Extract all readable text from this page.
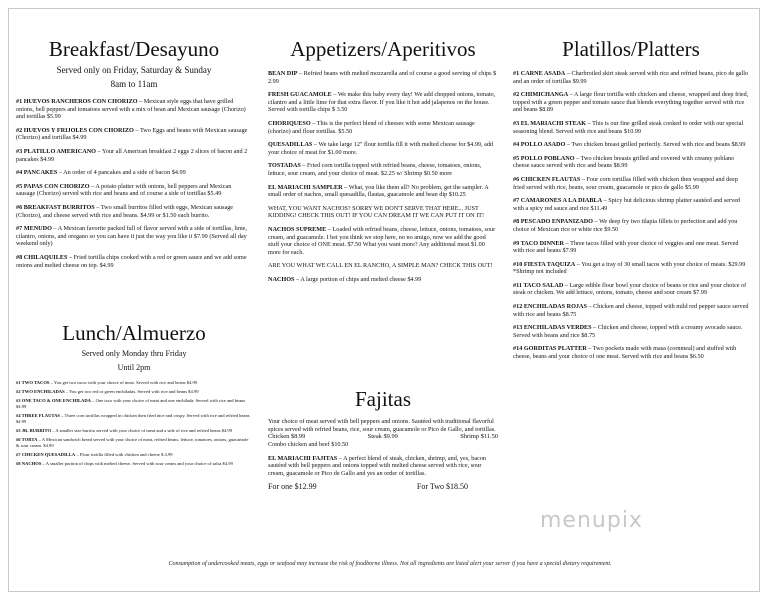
Breakfast/Desayuno
Served only on Friday, Saturday & Sunday
8am to 11am
#1 HUEVOS RANCHEROS CON CHORIZO – Mexican style eggs that have grilled onions, bell peppers and tomatoes served with a mix of bean and Mexican sausage (Chorizo) and tortillas $5.99
#2 HUEVOS Y FRIJOLES CON CHORIZO – Two Eggs and beans with Mexican sausage (Chorizo) and tortillas $4.99
#3 PLATILLO AMERICANO – Your all American breakfast 2 eggs 2 slices of bacon and 2 pancakes $4.99
#4 PANCAKES – An order of 4 pancakes and a side of bacon $4.99
#5 PAPAS CON CHORIZO – A potato platter with onions, bell peppers and Mexican sausage (Chorizo) served with rice and beans and of course a side of tortillas $5.49
#6 BREAKFAST BURRITOS – Two small burritos filled with eggs, Mexican sausage (Chorizo), and cheese served with rice and beans. $4.99 or $1.50 each burrito.
#7 MENUDO – A Mexican favorite packed full of flavor served with a side of tortillas, lime, cilantro, onions, and oregano so you can have it just the way you like it $7.99 (Served all day weekend only)
#8 CHILAQUILES – Fried tortilla chips cooked with a red or green sauce and we add some onions and melted cheese on top. $4.99
Lunch/Almuerzo
Served only Monday thru Friday
Until 2pm
#1 TWO TACOS – You get two tacos with your choice of meat. Served with rice and beans $4.99
#2 TWO ENCHILADAS – You get two red or green enchiladas. Served with rice and beans $4.99
#3 ONE TACO & ONE ENCHILADA – One taco with your choice of meat and one enchilada. Served with rice and beans $4.99
#4 THREE FLAUTAS – Three corn tortillas wrapped in chicken then fried nice and crispy. Served with rice and refried beans $4.99
#5 JR. BURRITO – A smaller size burrito served with your choice of meat and a side of rice and refried beans $4.99
#6 TORTA – A Mexican sandwich bread served with your choice of meat, refried beans, lettuce, tomatoes, onions, guacamole & sour cream. $4.99
#7 CHICKEN QUESADILLA – Flour tortilla filled with chicken and cheese $ 4.99
#8 NACHOS – A smaller portion of chips with melted cheese. Served with sour cream and your choice of salsa $4.99
Appetizers/Aperitivos
BEAN DIP – Refried beans with melted mozzarella and of course a good serving of chips $ 2.99
FRESH GUACAMOLE – We make this baby every day! We add chopped onions, tomato, cilantro and a little lime for that extra flavor. If you like it hot add jalapenos on the house. Served with tortilla chips $ 3.50
CHORIQUESO – This is the perfect blend of cheeses with some Mexican sausage (chorizo) and flour tortillas. $5.50
QUESADILLAS – We take large 12" flour tortilla fill it with melted cheese for $4.99, add your choice of meat for $1.00 more.
TOSTADAS – Fried corn tortilla topped with refried beans, cheese, tomatoes, onions, lettuce, sour cream, and your choice of meat. $2.25 w/ Shrimp $0.50 more
EL MARIACHI SAMPLER – What, you like them all? No problem, get the sampler. A small order of nachos, small quesadilla, flautas, guacamole and bean dip $10.25
WHAT, YOU WANT NACHOS? SORRY WE DON'T SERVE THAT HERE... JUST KIDDING! CHECK THIS OUT! IF YOU CAN DREAM IT WE CAN PUT IT ON IT!
NACHOS SUPREME – Loaded with refried beans, cheese, lettuce, onions, tomatoes, sour cream, and guacamole. I bet you think we stop here, no no amigo, now we add the good stuff your choice of ONE meat. $7.50 What you want more? Any additional meat $1.00 more for each.
ARE YOU WHAT WE CALL EN EL RANCHO, A SIMPLE MAN? CHECK THIS OUT!
NACHOS – A large portion of chips and melted cheese $4.99
Fajitas
Your choice of meat served with bell peppers and onions. Sautéed with traditional flavorful spices served with refried beans, rice, sour cream, guacamole or Pico de Gallo, and tortillas.
Chicken $8.99	Steak $9.99	Shrimp $11.50
Combo chicken and beef $10.50
EL MARIACHI FAJITAS – A perfect blend of steak, chicken, shrimp, and, yes, bacon sautéed with bell peppers and onions topped with melted cheese served with rice, sour cream, guacamole or Pico de Gallo and yes an order of tortillas.
For one $12.99	For Two $18.50
Platillos/Platters
#1 CARNE ASADA – Charbroiled skirt steak served with rice and refried beans, pico de gallo and an order of tortillas $9.99
#2 CHIMICHANGA – A large flour tortilla with chicken and cheese, wrapped and deep fried, topped with a green pepper and tomato sauce that blends everything together served with rice and beans $8.89
#3 EL MARIACHI STEAK – This is our fine grilled steak cooked to order with our special seasoning blend. Served with rice and beans $10.99
#4 POLLO ASADO – Two chicken breast grilled perfectly. Served with rice and beans $8.99
#5 POLLO POBLANO – Two chicken breasts grilled and covered with creamy poblano cheese sauce served with rice and beans $8.99
#6 CHICKEN FLAUTAS – Four corn tortillas filled with chicken then wrapped and deep fried served with rice, beans, sour cream, guacamole or pico de gallo $5.99
#7 CAMARONES A LA DIABLA – Spicy but delicious shrimp platter sautéed and served with a spicy red sauce and rice $11.49
#8 PESCADO ENPANIZADO – We deep fry two tilapia fillets to perfection and add you choice of Mexican rice or white rice $9.50
#9 TACO DINNER – Three tacos filled with your choice of veggies and one meat. Served with rice and beans $7.99
#10 FIESTA TAQUIZA – You get a tray of 30 small tacos with your choice of meats. $29.99 *Shrimp not included
#11 TACO SALAD – Large edible flour bowl your choice of beans or rice and your choice of steak or chicken. We add lettuce, onions, tomato, cheese and sour cream $7.99
#12 ENCHILADAS ROJAS – Chicken and cheese, topped with mild red pepper sauce served with rice and beans $8.75
#13 ENCHILADAS VERDES – Chicken and cheese, topped with a creamy avocado sauce. Served with beans and rice $8.75
#14 GORDITAS PLATTER – Two pockets made with masa (cornmeal) and stuffed with cheese, beans and your choice of one meat. Served with rice and beans $6.50
menupix
Consumption of undercooked meats, eggs or seafood may increase the risk of foodborne illness. Not all ingredients are listed alert your server if you have a special dietary requirement.
